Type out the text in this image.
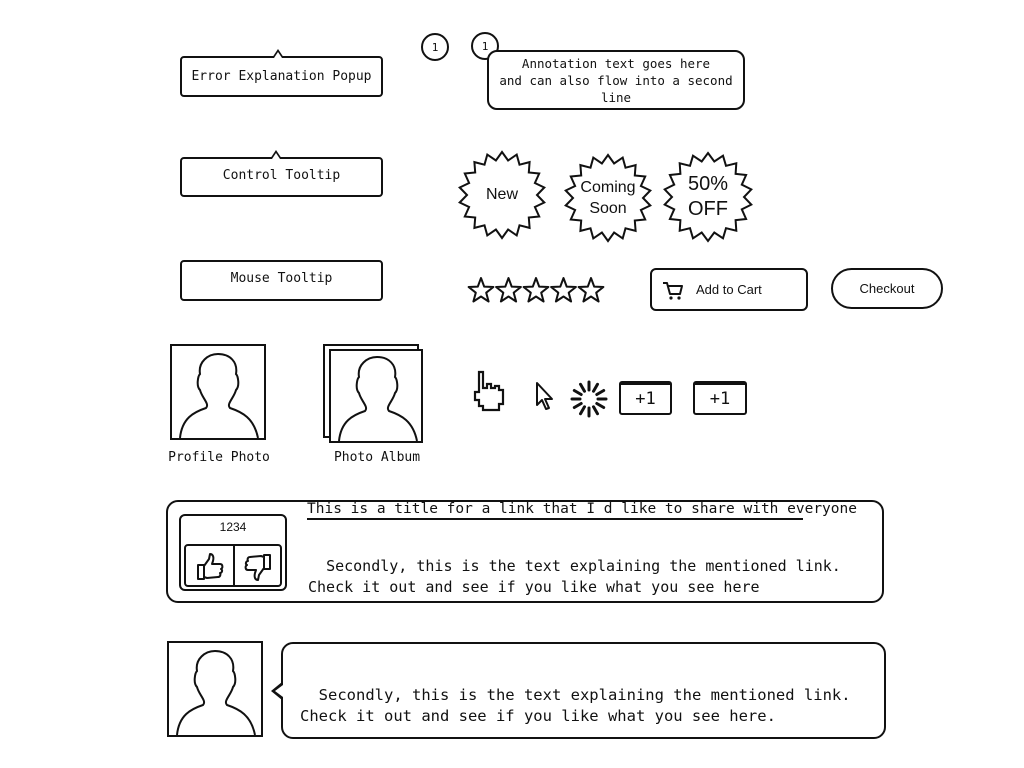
Error Explanation Popup
Control Tooltip
Mouse Tooltip
1	1
Annotation text goes here
and can also flow into a second line
New	Coming
Soon
50%
OFF
Add to Cart	Checkout
Profile Photo	Photo Album
+1	+1
1234
This is a title for a link that I d like to share with everyone

Secondly, this is the text explaining the mentioned link.
Check it out and see if you like what you see here

Secondly, this is the text explaining the mentioned link.
Check it out and see if you like what you see here.
